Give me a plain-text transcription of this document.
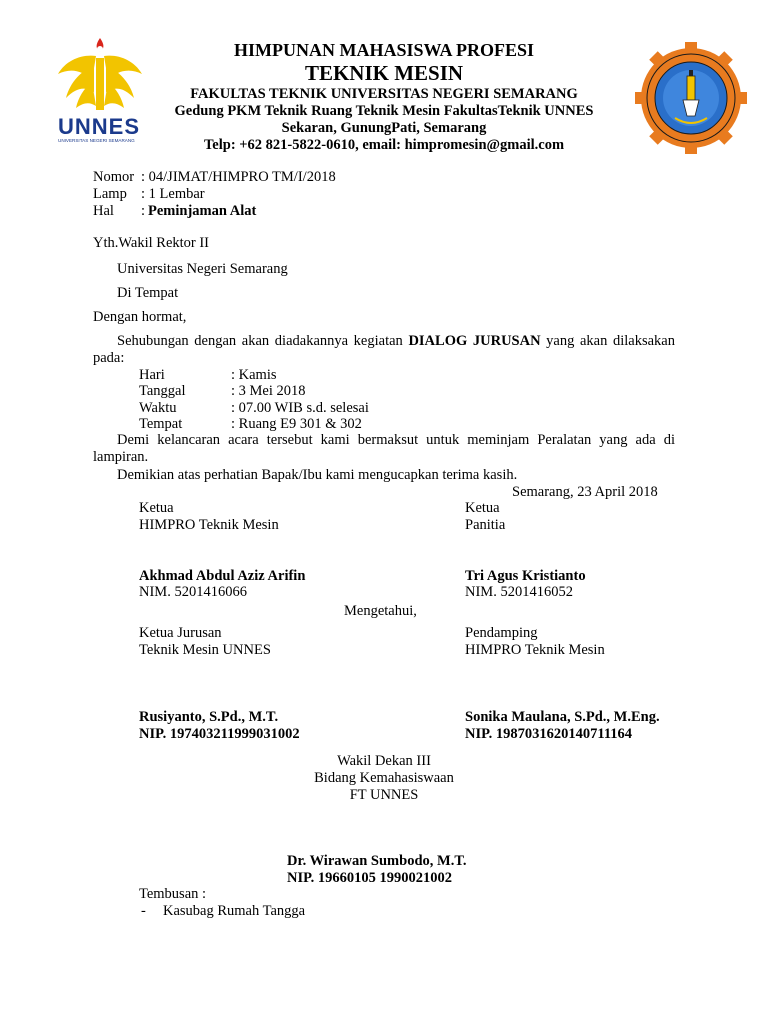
UNNES
UNIVERSITAS NEGERI SEMARANG
HIMPUNAN MAHASISWA PROFESI
TEKNIK MESIN
FAKULTAS TEKNIK UNIVERSITAS NEGERI SEMARANG
Gedung PKM Teknik Ruang Teknik Mesin FakultasTeknik UNNES
Sekaran, GunungPati, Semarang
Telp: +62 821-5822-0610, email: himpromesin@gmail.com
Nomor : 04/JIMAT/HIMPRO TM/I/2018
Lamp : 1 Lembar
Hal : Peminjaman Alat
Yth.Wakil Rektor II
Universitas Negeri Semarang
Di Tempat
Dengan hormat,
Sehubungan dengan akan diadakannya kegiatan DIALOG JURUSAN yang akan dilaksakan pada:
Hari	: Kamis
Tanggal	: 3 Mei 2018
Waktu	: 07.00 WIB s.d. selesai
Tempat	: Ruang E9 301 & 302
Demi kelancaran acara tersebut kami bermaksut untuk meminjam Peralatan yang ada di lampiran.
Demikian atas perhatian Bapak/Ibu kami mengucapkan terima kasih.
Semarang, 23 April 2018
Ketua
HIMPRO Teknik Mesin
Akhmad Abdul Aziz Arifin
NIM. 5201416066
Ketua
Panitia
Tri Agus Kristianto
NIM. 5201416052
Mengetahui,
Ketua Jurusan
Teknik Mesin UNNES
Rusiyanto, S.Pd., M.T.
NIP. 197403211999031002
Pendamping
HIMPRO Teknik Mesin
Sonika Maulana, S.Pd., M.Eng.
NIP. 1987031620140711164
Wakil Dekan III
Bidang Kemahasiswaan
FT UNNES
Dr. Wirawan Sumbodo, M.T.
NIP. 19660105 1990021002
Tembusan :
- Kasubag Rumah Tangga
